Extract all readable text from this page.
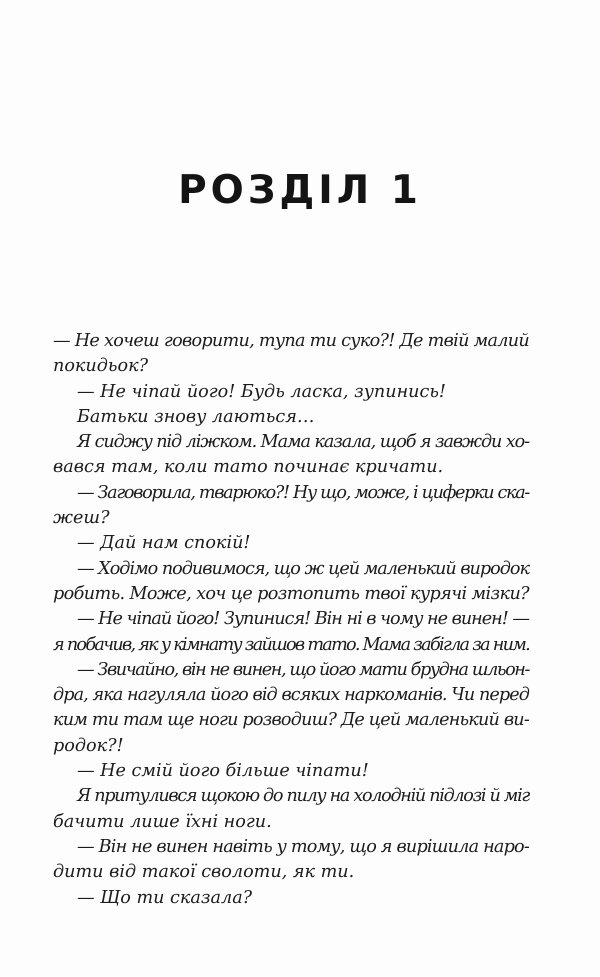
РОЗДІЛ 1
— Не хочеш говорити, тупа ти суко?! Де твій малий
покидьок?
— Не чіпай його! Будь ласка, зупинись!
Батьки знову лаються…
Я сиджу під ліжком. Мама казала, щоб я завжди хо-
вався там, коли тато починає кричати.
— Заговорила, тварюко?! Ну що, може, і циферки ска-
жеш?
— Дай нам спокій!
— Ходімо подивимося, що ж цей маленький виродок
робить. Може, хоч це розтопить твої курячі мізки?
— Не чіпай його! Зупинися! Він ні в чому не винен! —
я побачив, як у кімнату зайшов тато. Мама забігла за ним.
— Звичайно, він не винен, що його мати брудна шльон-
дра, яка нагуляла його від всяких наркоманів. Чи перед
ким ти там ще ноги розводиш? Де цей маленький ви-
родок?!
— Не смій його більше чіпати!
Я притулився щокою до пилу на холодній підлозі й міг
бачити лише їхні ноги.
— Він не винен навіть у тому, що я вирішила наро-
дити від такої сволоти, як ти.
— Що ти сказала?
